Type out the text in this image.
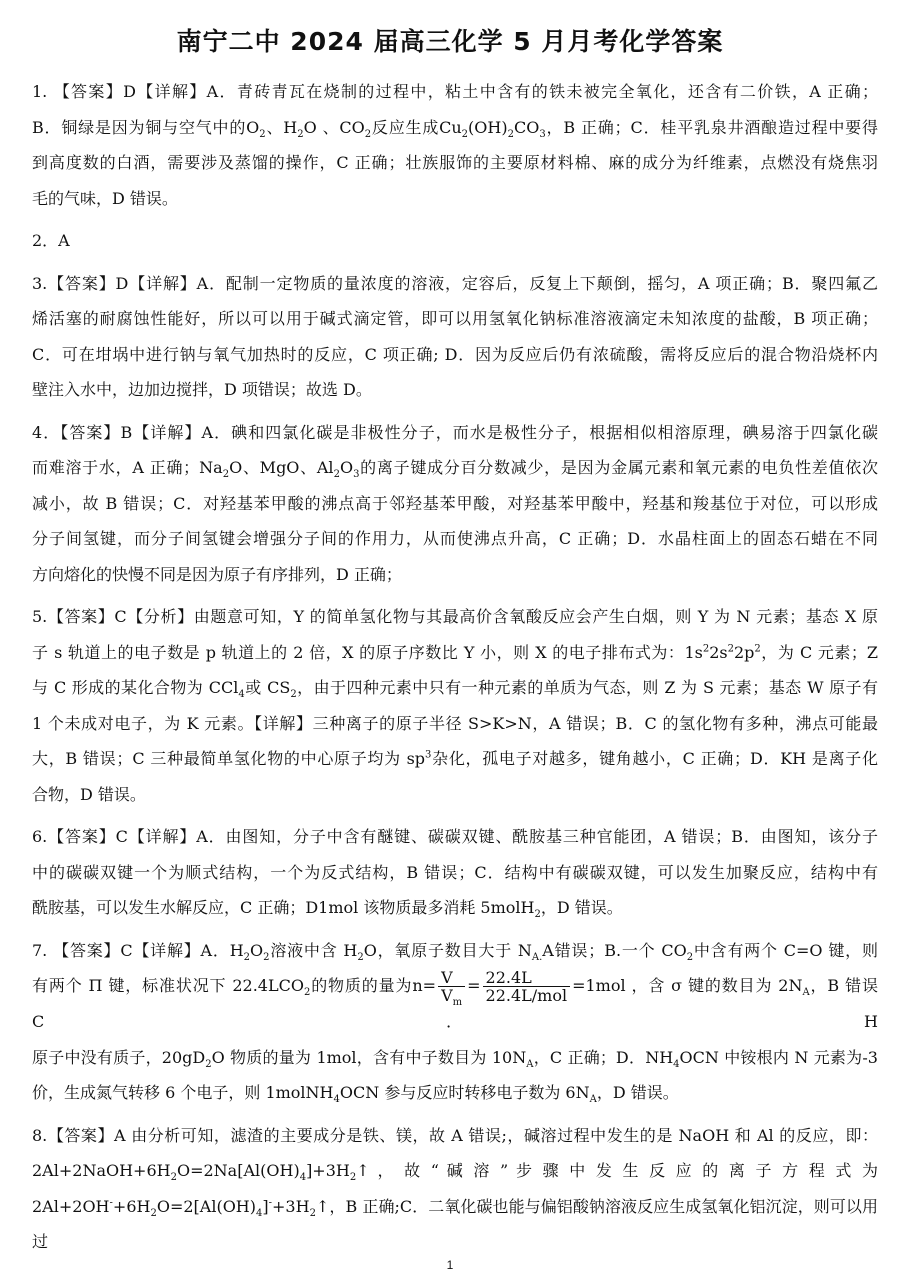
南宁二中 2024 届高三化学 5 月月考化学答案
1. 【答案】D【详解】A．青砖青瓦在烧制的过程中，粘土中含有的铁未被完全氧化，还含有二价铁，A 正确；
B．铜绿是因为铜与空气中的$O_2$、$H_2O$ 、$CO_2$反应生成$Cu_2(OH)_2CO_3$，B 正确；C．桂平乳泉井酒酿造过程中要得
到高度数的白酒，需要涉及蒸馏的操作，C 正确；壮族服饰的主要原材料棉、麻的成分为纤维素，点燃没有烧焦羽
毛的气味，D 错误。
2．A
3.【答案】D【详解】A．配制一定物质的量浓度的溶液，定容后，反复上下颠倒，摇匀，A 项正确；B．聚四氟乙
烯活塞的耐腐蚀性能好，所以可以用于碱式滴定管，即可以用氢氧化钠标准溶液滴定未知浓度的盐酸，B 项正确；
C．可在坩埚中进行钠与氧气加热时的反应，C 项正确; D．因为反应后仍有浓硫酸，需将反应后的混合物沿烧杯内
壁注入水中，边加边搅拌，D 项错误；故选 D。
4．【答案】B【详解】A．碘和四氯化碳是非极性分子，而水是极性分子，根据相似相溶原理，碘易溶于四氯化碳
而难溶于水，A 正确；$Na_2O$、MgO、$Al_2O_3$的离子键成分百分数减少，是因为金属元素和氧元素的电负性差值依次
减小，故 B 错误；C．对羟基苯甲酸的沸点高于邻羟基苯甲酸，对羟基苯甲酸中，羟基和羧基位于对位，可以形成
分子间氢键，而分子间氢键会增强分子间的作用力，从而使沸点升高，C 正确；D．水晶柱面上的固态石蜡在不同
方向熔化的快慢不同是因为原子有序排列，D 正确；
5.【答案】C【分析】由题意可知，Y 的简单氢化物与其最高价含氧酸反应会产生白烟，则 Y 为 N 元素；基态 X 原
子 s 轨道上的电子数是 p 轨道上的 2 倍，X 的原子序数比 Y 小，则 X 的电子排布式为：$1s^22s^22p^2$，为 C 元素；Z
与 C 形成的某化合物为 CCl$_4$或 $CS_2$，由于四种元素中只有一种元素的单质为气态，则 Z 为 S 元素；基态 W 原子有
1 个未成对电子，为 K 元素。【详解】三种离子的原子半径 S>K>N，A 错误；B．C 的氢化物有多种，沸点可能最
大，B 错误；C 三种最简单氢化物的中心原子均为 $sp^3$杂化，孤电子对越多，键角越小，C 正确；D．KH 是离子化
合物，D 错误。
6.【答案】C【详解】A．由图知，分子中含有醚键、碳碳双键、酰胺基三种官能团，A 错误；B．由图知，该分子
中的碳碳双键一个为顺式结构，一个为反式结构，B 错误；C．结构中有碳碳双键，可以发生加聚反应，结构中有
酰胺基，可以发生水解反应，C 正确；D1mol 该物质最多消耗 5molH$_2$，D 错误。
7. 【答案】C【详解】A．$H_2O_2$溶液中含 $H_2O$，氧原子数目大于 $N_{A.}A$错误；B.一个 $CO_2$中含有两个 C=O 键，则
有两个 Π 键，标准状况下 $22.4LCO_2$的物质的量为$n= \frac{V}{V_m} = \frac{22.4L}{\text{22.4L/mol}} =1mol$ ，含 σ 键的数目为 $2N_A$，B 错误 C．H
原子中没有质子，$20gD_2O$ 物质的量为 1mol，含有中子数目为 $10N_A$，C 正确；D．$NH_4OCN$ 中铵根内 N 元素为-3
价，生成氮气转移 6 个电子，则 1molNH$_4$OCN 参与反应时转移电子数为 $6N_A$，D 错误。
8.【答案】A 由分析可知，滤渣的主要成分是铁、镁，故 A 错误;，碱溶过程中发生的是 NaOH 和 Al 的反应，即：
$2Al+2NaOH+6H_2O=2Na[Al(OH)_4]+3H_2↑$ ， 故 “ 碱 溶 ” 步 骤 中 发 生 反 应 的 离 子 方 程 式 为
$2Al+2OH^-+6H_2O=2[Al(OH)_4]^-+3H_2↑$，B 正确;C．二氧化碳也能与偏铝酸钠溶液反应生成氢氧化铝沉淀，则可以用过
1
